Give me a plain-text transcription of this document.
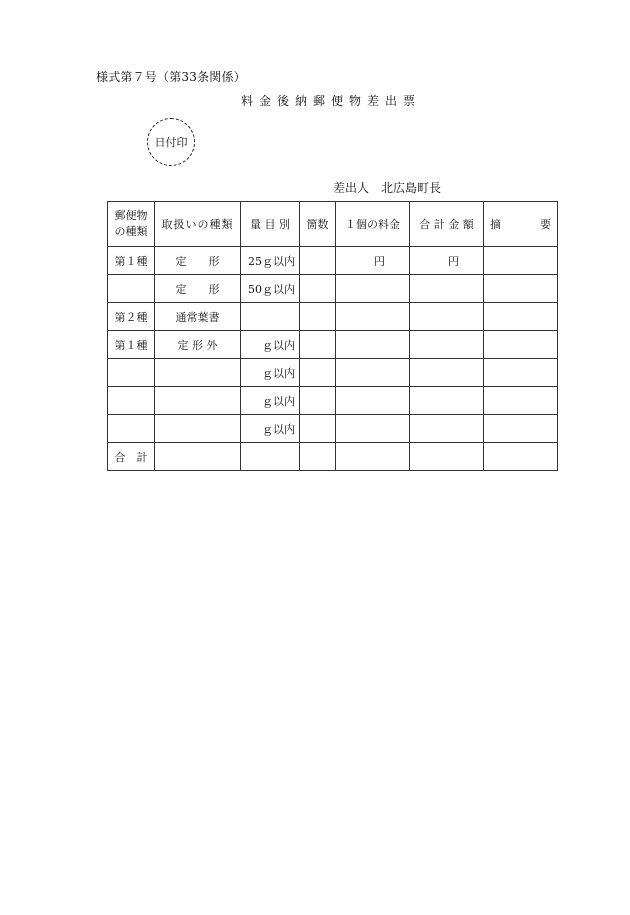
様式第７号（第33条関係）
料金後納郵便物差出票
日付印
差出人 北広島町長
郵便物の種類	取扱いの種類	量 目 別	箇数	１個の料金	合 計 金 額	摘 要

第１種	定　　形	25ｇ以内		円	円	
	定　　形	50ｇ以内				
第２種	通常葉書					
第１種	定 形 外	ｇ以内				
		ｇ以内				
		ｇ以内				
		ｇ以内				
合　計						
